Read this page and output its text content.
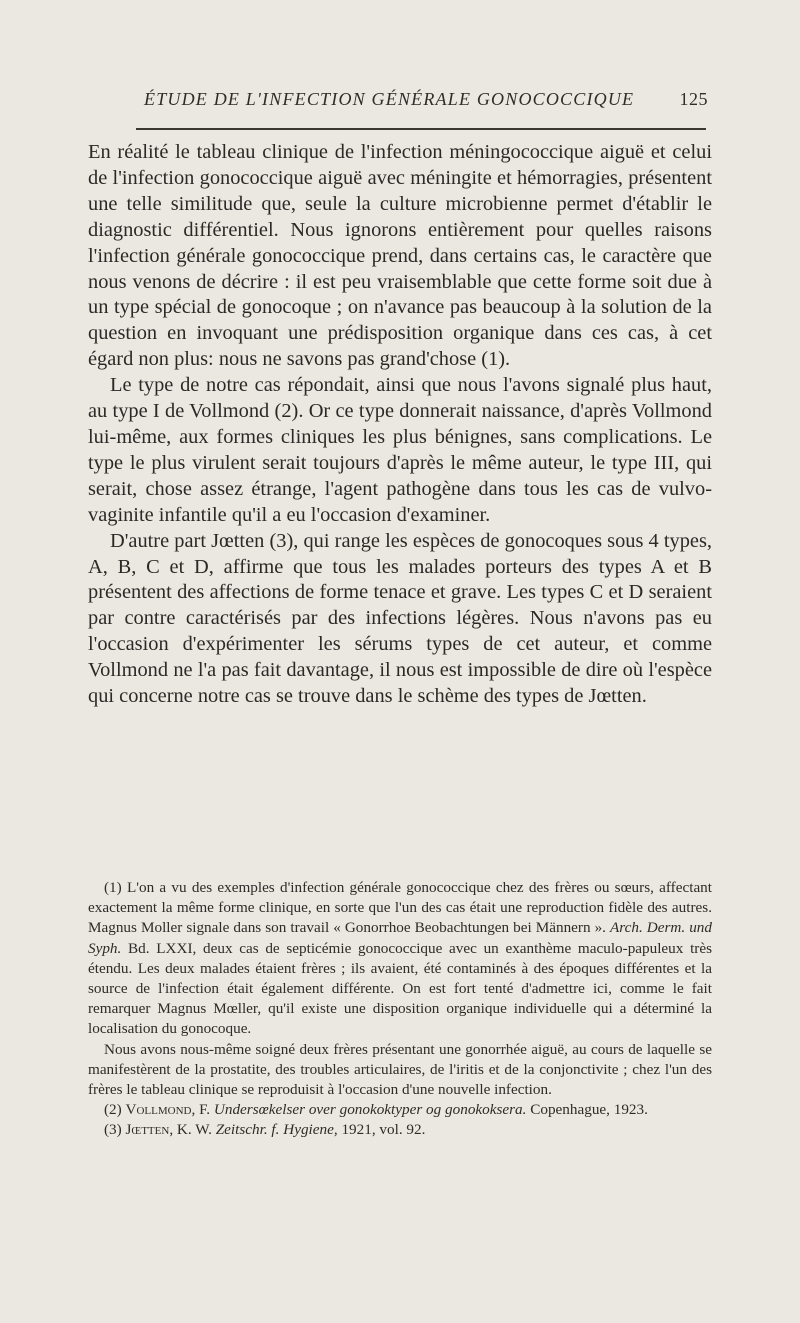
ÉTUDE DE L'INFECTION GÉNÉRALE GONOCOCCIQUE	125

En réalité le tableau clinique de l'infection méningococcique aiguë et celui de l'infection gonococcique aiguë avec méningite et hémorragies, présentent une telle similitude que, seule la culture microbienne permet d'établir le diagnostic différentiel. Nous ignorons entièrement pour quelles raisons l'infection générale gonococcique prend, dans certains cas, le caractère que nous venons de décrire : il est peu vraisemblable que cette forme soit due à un type spécial de gonocoque ; on n'avance pas beaucoup à la solution de la question en invoquant une prédisposition organique dans ces cas, à cet égard non plus: nous ne savons pas grand'chose (1).

Le type de notre cas répondait, ainsi que nous l'avons signalé plus haut, au type I de Vollmond (2). Or ce type donnerait naissance, d'après Vollmond lui-même, aux formes cliniques les plus bénignes, sans complications. Le type le plus virulent serait toujours d'après le même auteur, le type III, qui serait, chose assez étrange, l'agent pathogène dans tous les cas de vulvo-vaginite infantile qu'il a eu l'occasion d'examiner.

D'autre part Jœtten (3), qui range les espèces de gonocoques sous 4 types, A, B, C et D, affirme que tous les malades porteurs des types A et B présentent des affections de forme tenace et grave. Les types C et D seraient par contre caractérisés par des infections légères. Nous n'avons pas eu l'occasion d'expérimenter les sérums types de cet auteur, et comme Vollmond ne l'a pas fait davantage, il nous est impossible de dire où l'espèce qui concerne notre cas se trouve dans le schème des types de Jœtten.

(1) L'on a vu des exemples d'infection générale gonococcique chez des frères ou sœurs, affectant exactement la même forme clinique, en sorte que l'un des cas était une reproduction fidèle des autres. Magnus Moller signale dans son travail « Gonorrhoe Beobachtungen bei Männern ». Arch. Derm. und Syph. Bd. LXXI, deux cas de septicémie gonococcique avec un exanthème maculo-papuleux très étendu. Les deux malades étaient frères ; ils avaient, été contaminés à des époques différentes et la source de l'infection était également différente. On est fort tenté d'admettre ici, comme le fait remarquer Magnus Mœller, qu'il existe une disposition organique individuelle qui a déterminé la localisation du gonocoque.

Nous avons nous-même soigné deux frères présentant une gonorrhée aiguë, au cours de laquelle se manifestèrent de la prostatite, des troubles articulaires, de l'iritis et de la conjonctivite ; chez l'un des frères le tableau clinique se reproduisit à l'occasion d'une nouvelle infection.

(2) Vollmond, F. Undersœkelser over gonokoktyper og gonokoksera. Copenhague, 1923.

(3) Jœtten, K. W. Zeitschr. f. Hygiene, 1921, vol. 92.
